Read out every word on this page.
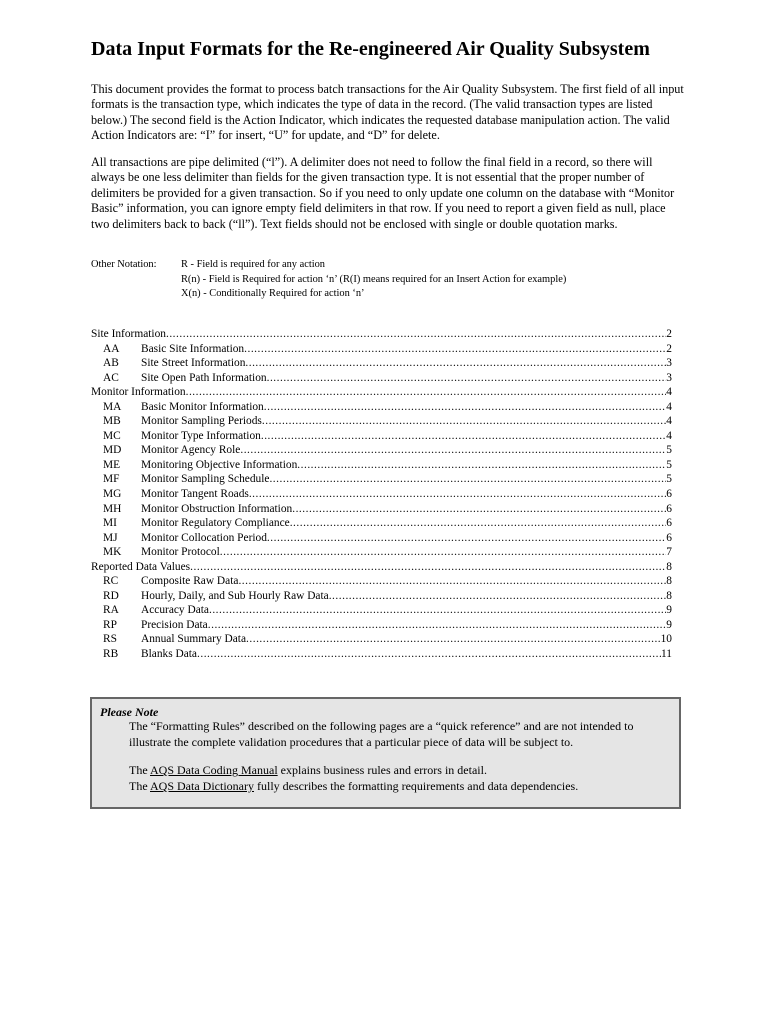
Data Input Formats for the Re-engineered Air Quality Subsystem

This document provides the format to process batch transactions for the Air Quality Subsystem. The first field of all input formats is the transaction type, which indicates the type of data in the record. (The valid transaction types are listed below.) The second field is the Action Indicator, which indicates the requested database manipulation action. The valid Action Indicators are: “I” for insert, “U” for update, and “D” for delete.

All transactions are pipe delimited (“l”). A delimiter does not need to follow the final field in a record, so there will always be one less delimiter than fields for the given transaction type. It is not essential that the proper number of delimiters be provided for a given transaction. So if you need to only update one column on the database with “Monitor Basic” information, you can ignore empty field delimiters in that row. If you need to report a given field as null, place two delimiters back to back (“ll”). Text fields should not be enclosed with single or double quotation marks.

Other Notation:	R - Field is required for any action
R(n) - Field is Required for action ‘n’ (R(I) means required for an Insert Action for example)
X(n) - Conditionally Required for action ‘n’
Site Information .....	2
AA	Basic Site Information .....	2
AB	Site Street Information .....	3
AC	Site Open Path Information .....	3
Monitor Information .....	4
MA	Basic Monitor Information .....	4
MB	Monitor Sampling Periods .....	4
MC	Monitor Type Information .....	4
MD	Monitor Agency Role .....	5
ME	Monitoring Objective Information .....	5
MF	Monitor Sampling Schedule .....	5
MG	Monitor Tangent Roads .....	6
MH	Monitor Obstruction Information .....	6
MI	Monitor Regulatory Compliance .....	6
MJ	Monitor Collocation Period .....	6
MK	Monitor Protocol .....	7
Reported Data Values .....	8
RC	Composite Raw Data .....	8
RD	Hourly, Daily, and Sub Hourly Raw Data .....	8
RA	Accuracy Data .....	9
RP	Precision Data .....	9
RS	Annual Summary Data .....	10
RB	Blanks Data .....	11
Please Note

The “Formatting Rules” described on the following pages are a “quick reference” and are not intended to illustrate the complete validation procedures that a particular piece of data will be subject to.

The AQS Data Coding Manual explains business rules and errors in detail.

The AQS Data Dictionary fully describes the formatting requirements and data dependencies.
